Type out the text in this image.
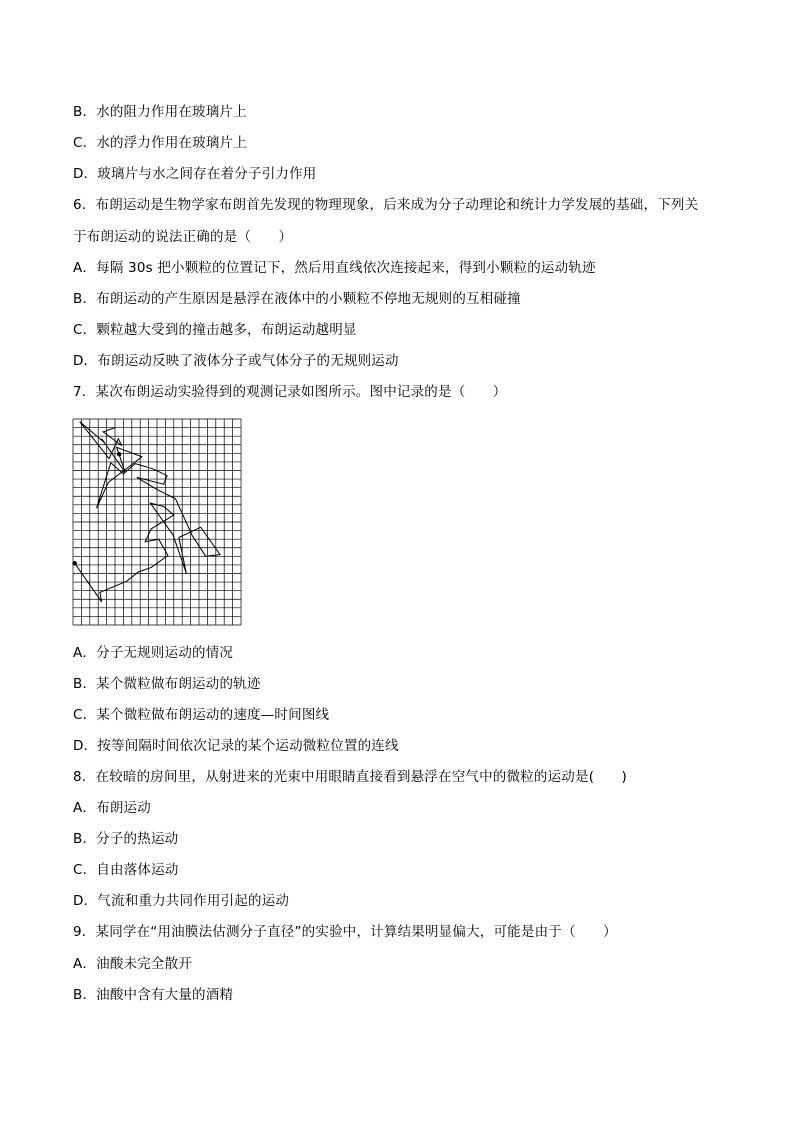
B．水的阻力作用在玻璃片上
C．水的浮力作用在玻璃片上
D．玻璃片与水之间存在着分子引力作用
6．布朗运动是生物学家布朗首先发现的物理现象，后来成为分子动理论和统计力学发展的基础，下列关
于布朗运动的说法正确的是（　　）
A．每隔 30s 把小颗粒的位置记下，然后用直线依次连接起来，得到小颗粒的运动轨迹
B．布朗运动的产生原因是悬浮在液体中的小颗粒不停地无规则的互相碰撞
C．颗粒越大受到的撞击越多，布朗运动越明显
D．布朗运动反映了液体分子或气体分子的无规则运动
7．某次布朗运动实验得到的观测记录如图所示。图中记录的是（　　）
A．分子无规则运动的情况
B．某个微粒做布朗运动的轨迹
C．某个微粒做布朗运动的速度—时间图线
D．按等间隔时间依次记录的某个运动微粒位置的连线
8．在较暗的房间里，从射进来的光束中用眼睛直接看到悬浮在空气中的微粒的运动是(　　)
A．布朗运动
B．分子的热运动
C．自由落体运动
D．气流和重力共同作用引起的运动
9．某同学在“用油膜法估测分子直径”的实验中，计算结果明显偏大，可能是由于（　　）
A．油酸未完全散开
B．油酸中含有大量的酒精
